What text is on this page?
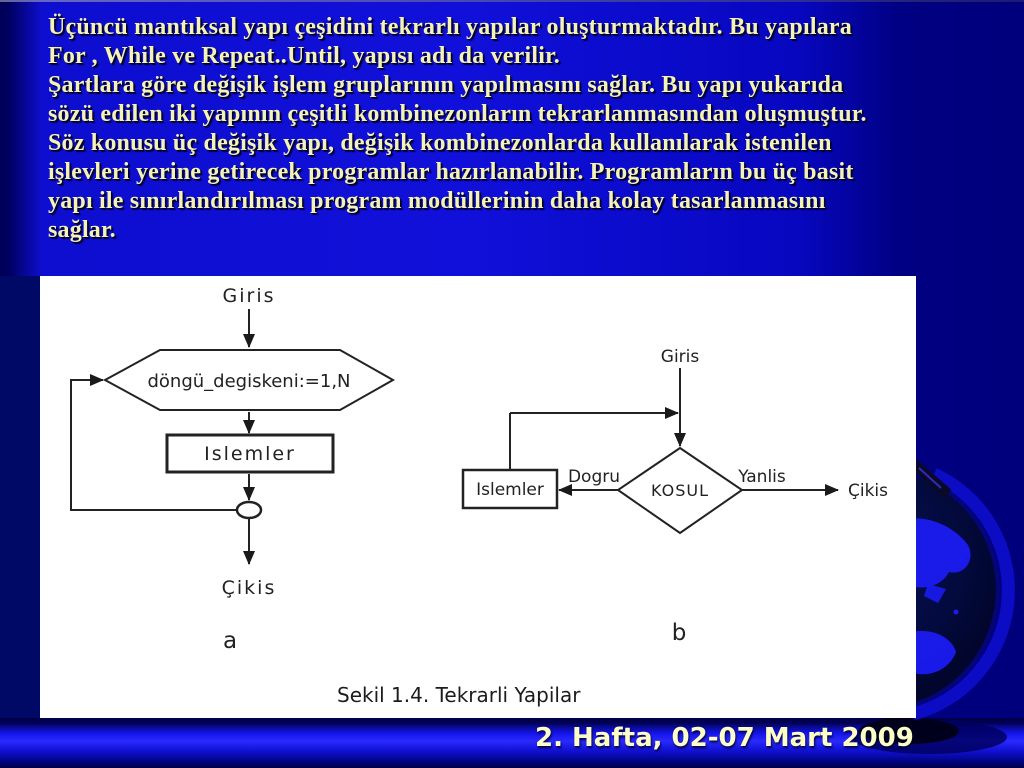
Üçüncü mantıksal yapı çeşidini tekrarlı yapılar oluşturmaktadır. Bu yapılara
For , While ve Repeat..Until, yapısı adı da verilir.
Şartlara göre değişik işlem gruplarının yapılmasını sağlar. Bu yapı yukarıda
sözü edilen iki yapının çeşitli kombinezonların tekrarlanmasından oluşmuştur.
Söz konusu üç değişik yapı, değişik kombinezonlarda kullanılarak istenilen
işlevleri yerine getirecek programlar hazırlanabilir. Programların bu üç basit
yapı ile sınırlandırılması program modüllerinin daha kolay tasarlanmasını
sağlar.
Giris
döngü_degiskeni:=1,N
Islemler
Çikis
a
Giris
Islemler	KOSUL
Dogru	Yanlis
Çikis
b
Sekil 1.4. Tekrarli Yapilar
2. Hafta, 02-07 Mart 2009
